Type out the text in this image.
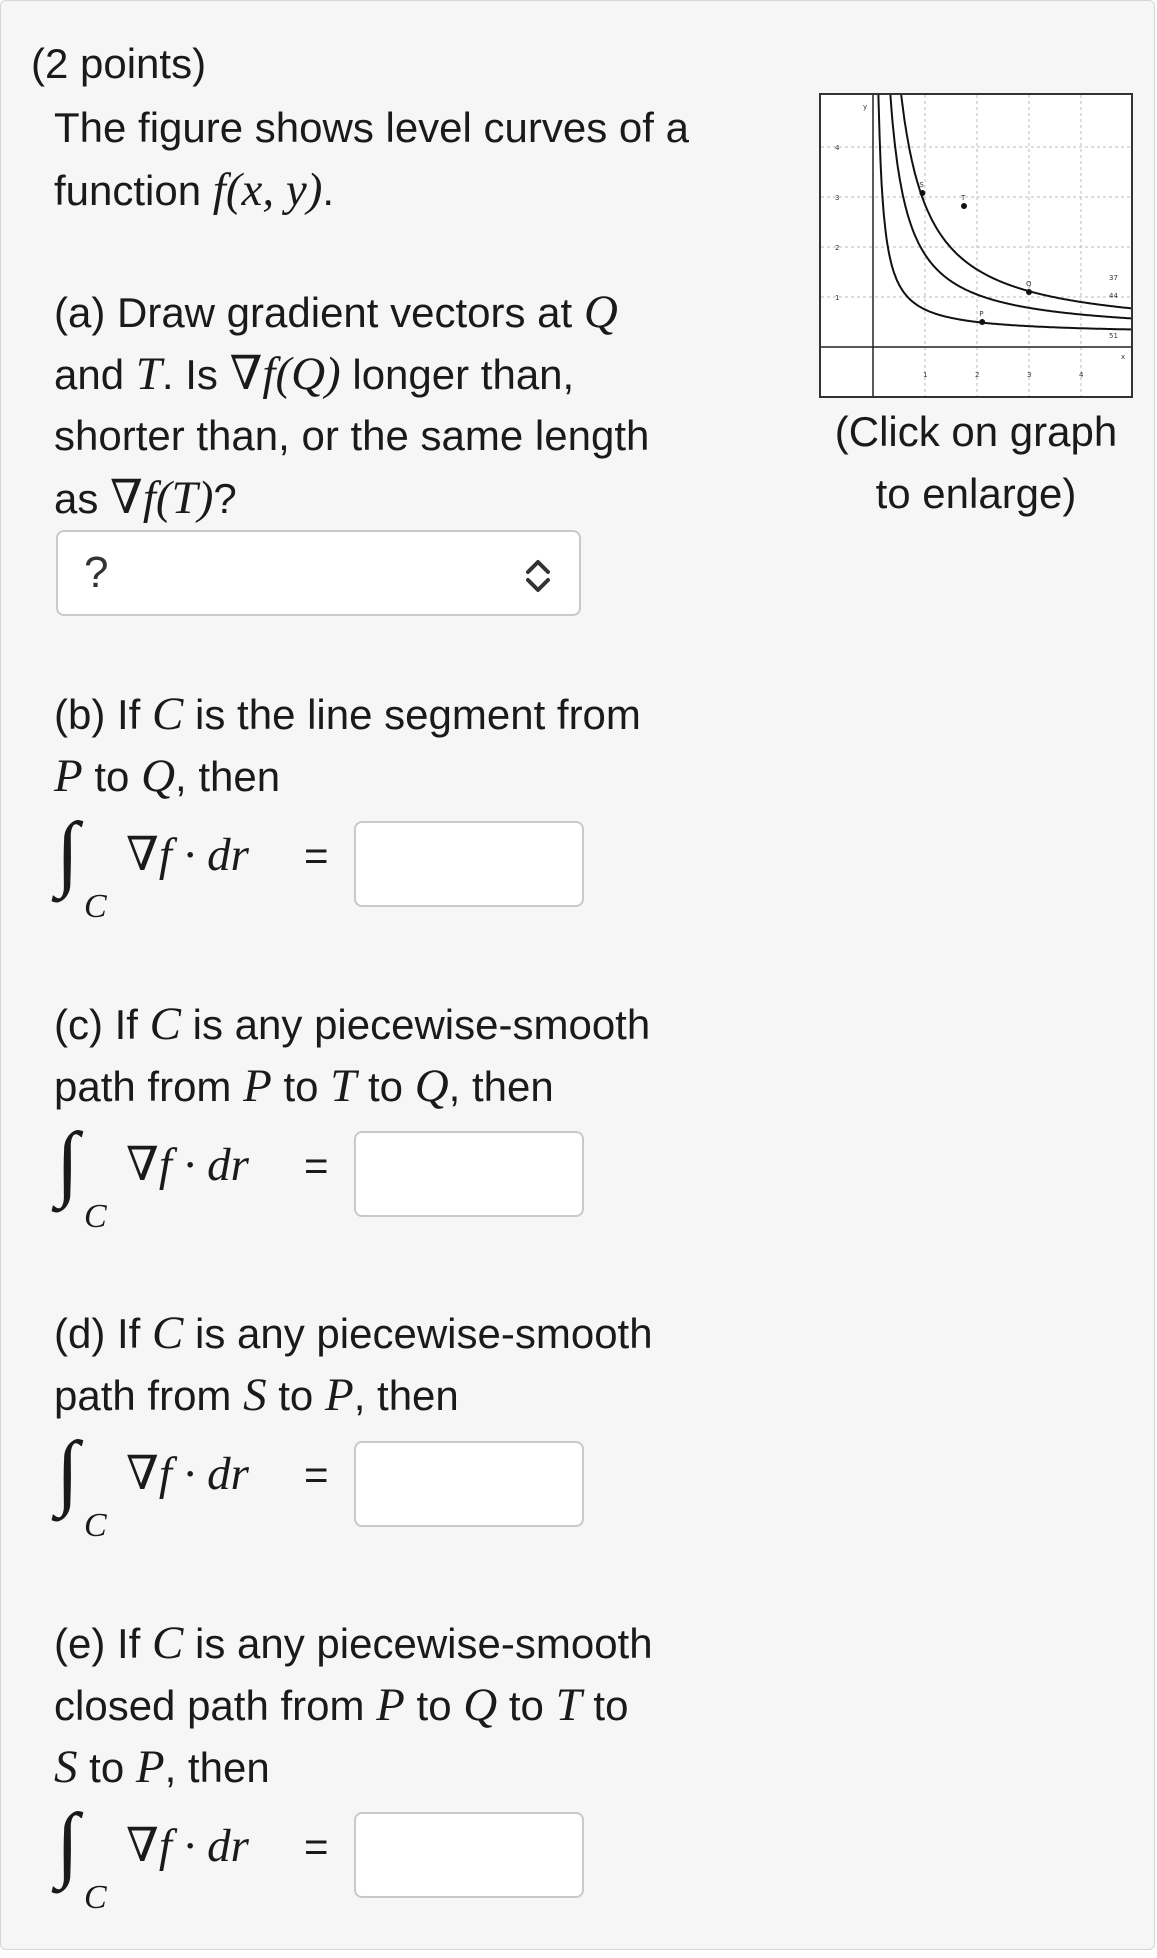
(2 points)
The figure shows level curves of a
function f(x, y).
1	2	3	4
1
2
3
4
x
y
37
44
51
S
T
Q
P
(Click on graph
to enlarge)
(a) Draw gradient vectors at Q
and T. Is ∇f(Q) longer than,
shorter than, or the same length
as ∇f(T)?
?
(b) If C is the line segment from
P to Q, then
∫
C
∇f · dr⃗ =
(c) If C is any piecewise-smooth
path from P to T to Q, then
∫
C
∇f · dr⃗ =
(d) If C is any piecewise-smooth
path from S to P, then
∫
C
∇f · dr⃗ =
(e) If C is any piecewise-smooth
closed path from P to Q to T to
S to P, then
∫
C
∇f · dr⃗ =
